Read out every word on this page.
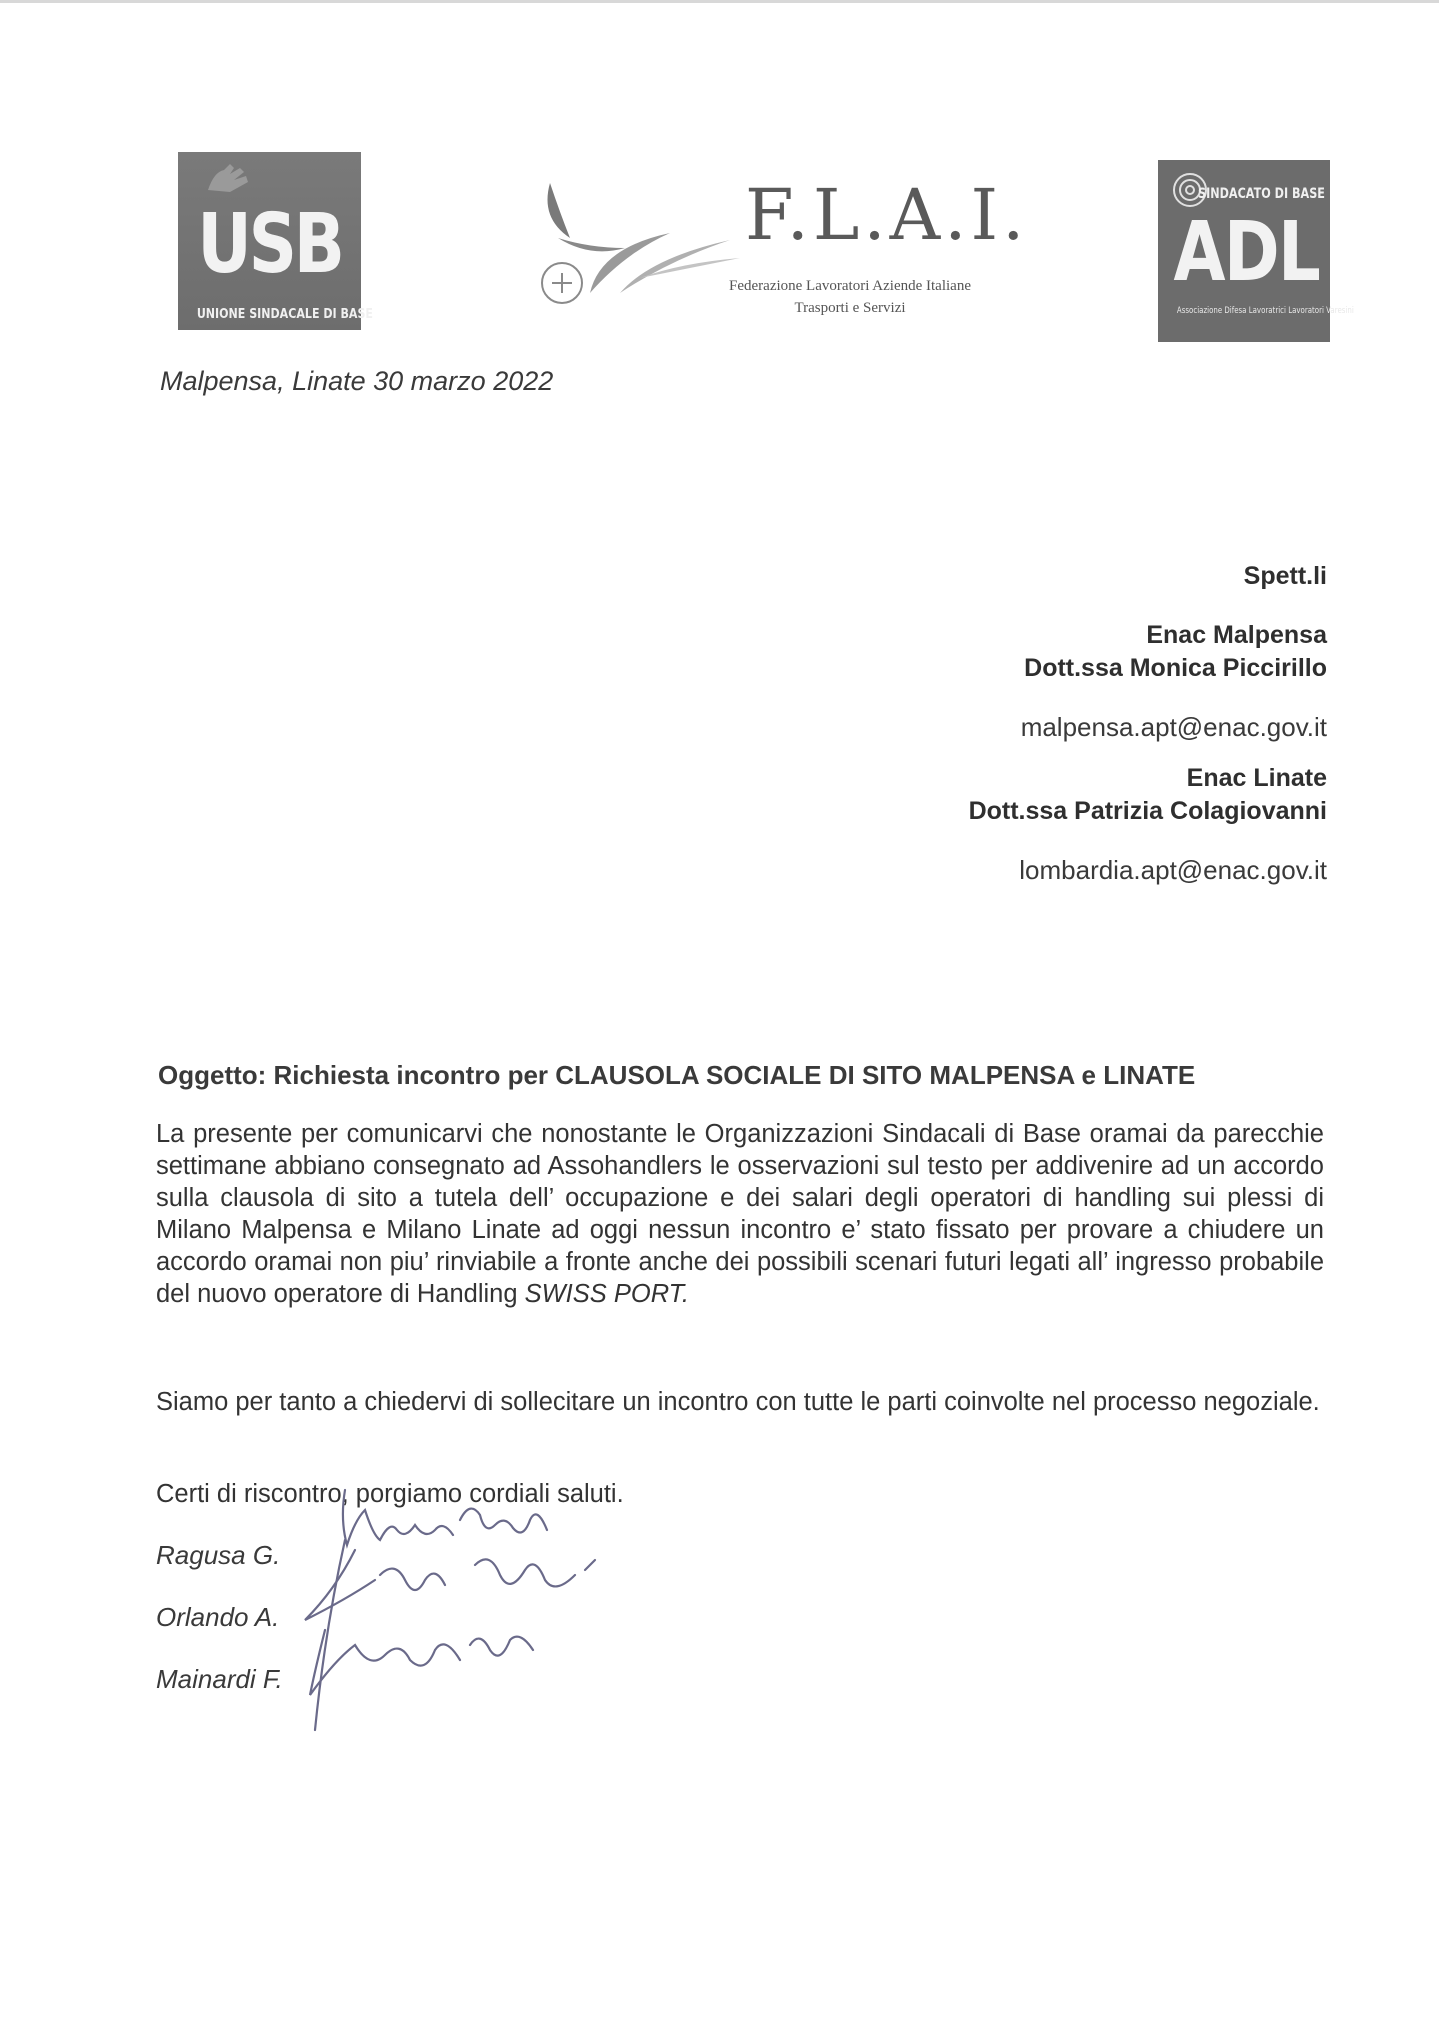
USB
UNIONE SINDACALE DI BASE
F.L.A.I.
Federazione Lavoratori Aziende Italiane
Trasporti e Servizi
SINDACATO DI BASE
ADL
Associazione Difesa Lavoratrici Lavoratori Varesini
Malpensa, Linate 30 marzo 2022
Spett.li
Enac Malpensa
Dott.ssa Monica Piccirillo
malpensa.apt@enac.gov.it
Enac Linate
Dott.ssa Patrizia Colagiovanni
lombardia.apt@enac.gov.it
Oggetto: Richiesta incontro per CLAUSOLA SOCIALE DI SITO MALPENSA e LINATE
La presente per comunicarvi che nonostante le Organizzazioni Sindacali di Base oramai da parecchie settimane abbiano consegnato ad Assohandlers le osservazioni sul testo per addivenire ad un accordo sulla clausola di sito a tutela dell’ occupazione e dei salari degli operatori di handling sui plessi di Milano Malpensa e Milano Linate ad oggi nessun incontro e’ stato fissato per provare a chiudere un accordo oramai non piu’ rinviabile a fronte anche dei possibili scenari futuri legati all’ ingresso probabile del nuovo operatore di Handling SWISS PORT.
Siamo per tanto a chiedervi di sollecitare un incontro con tutte le parti coinvolte nel processo negoziale.
Certi di riscontro, porgiamo cordiali saluti.
Ragusa G.
Orlando A.
Mainardi F.
